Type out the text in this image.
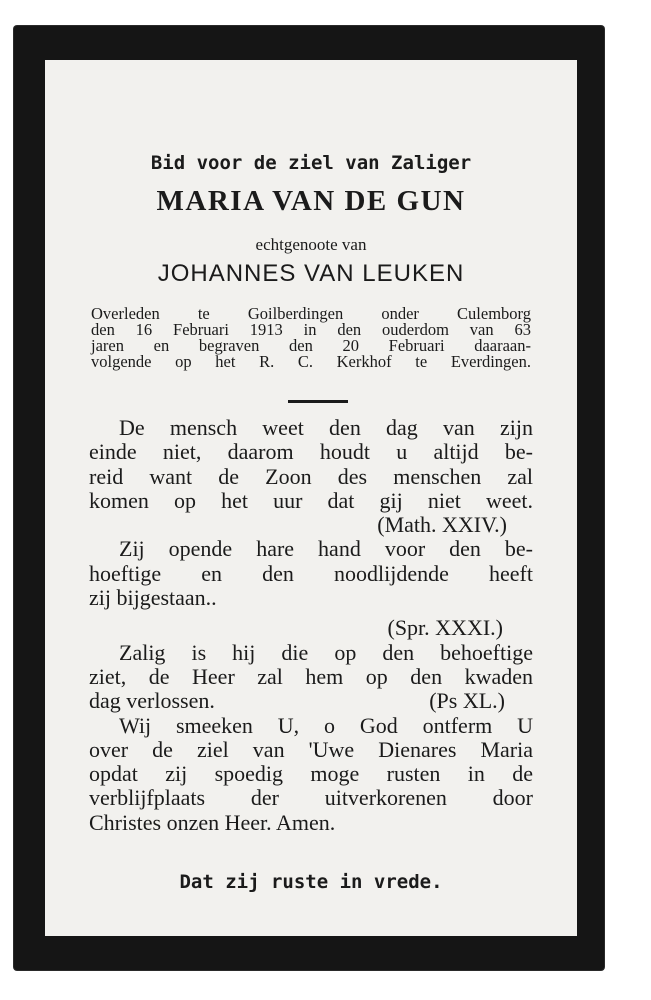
Bid voor de ziel van Zaliger
MARIA VAN DE GUN
echtgenoote van
JOHANNES VAN LEUKEN
Overleden te Goilberdingen onder Culemborg
den 16 Februari 1913 in den ouderdom van 63
jaren en begraven den 20 Februari daaraan-
volgende op het R. C. Kerkhof te Everdingen.
De mensch weet den dag van zijn
einde niet, daarom houdt u altijd be-
reid want de Zoon des menschen zal
komen op het uur dat gij niet weet.
(Math. XXIV.)
Zij opende hare hand voor den be-
hoeftige en den noodlijdende heeft
zij bijgestaan..
(Spr. XXXI.)
Zalig is hij die op den behoeftige
ziet, de Heer zal hem op den kwaden
dag verlossen.	(Ps XL.)
Wij smeeken U, o God ontferm U
over de ziel van 'Uwe Dienares Maria
opdat zij spoedig moge rusten in de
verblijfplaats der uitverkorenen door
Christes onzen Heer. Amen.
Dat zij ruste in vrede.
